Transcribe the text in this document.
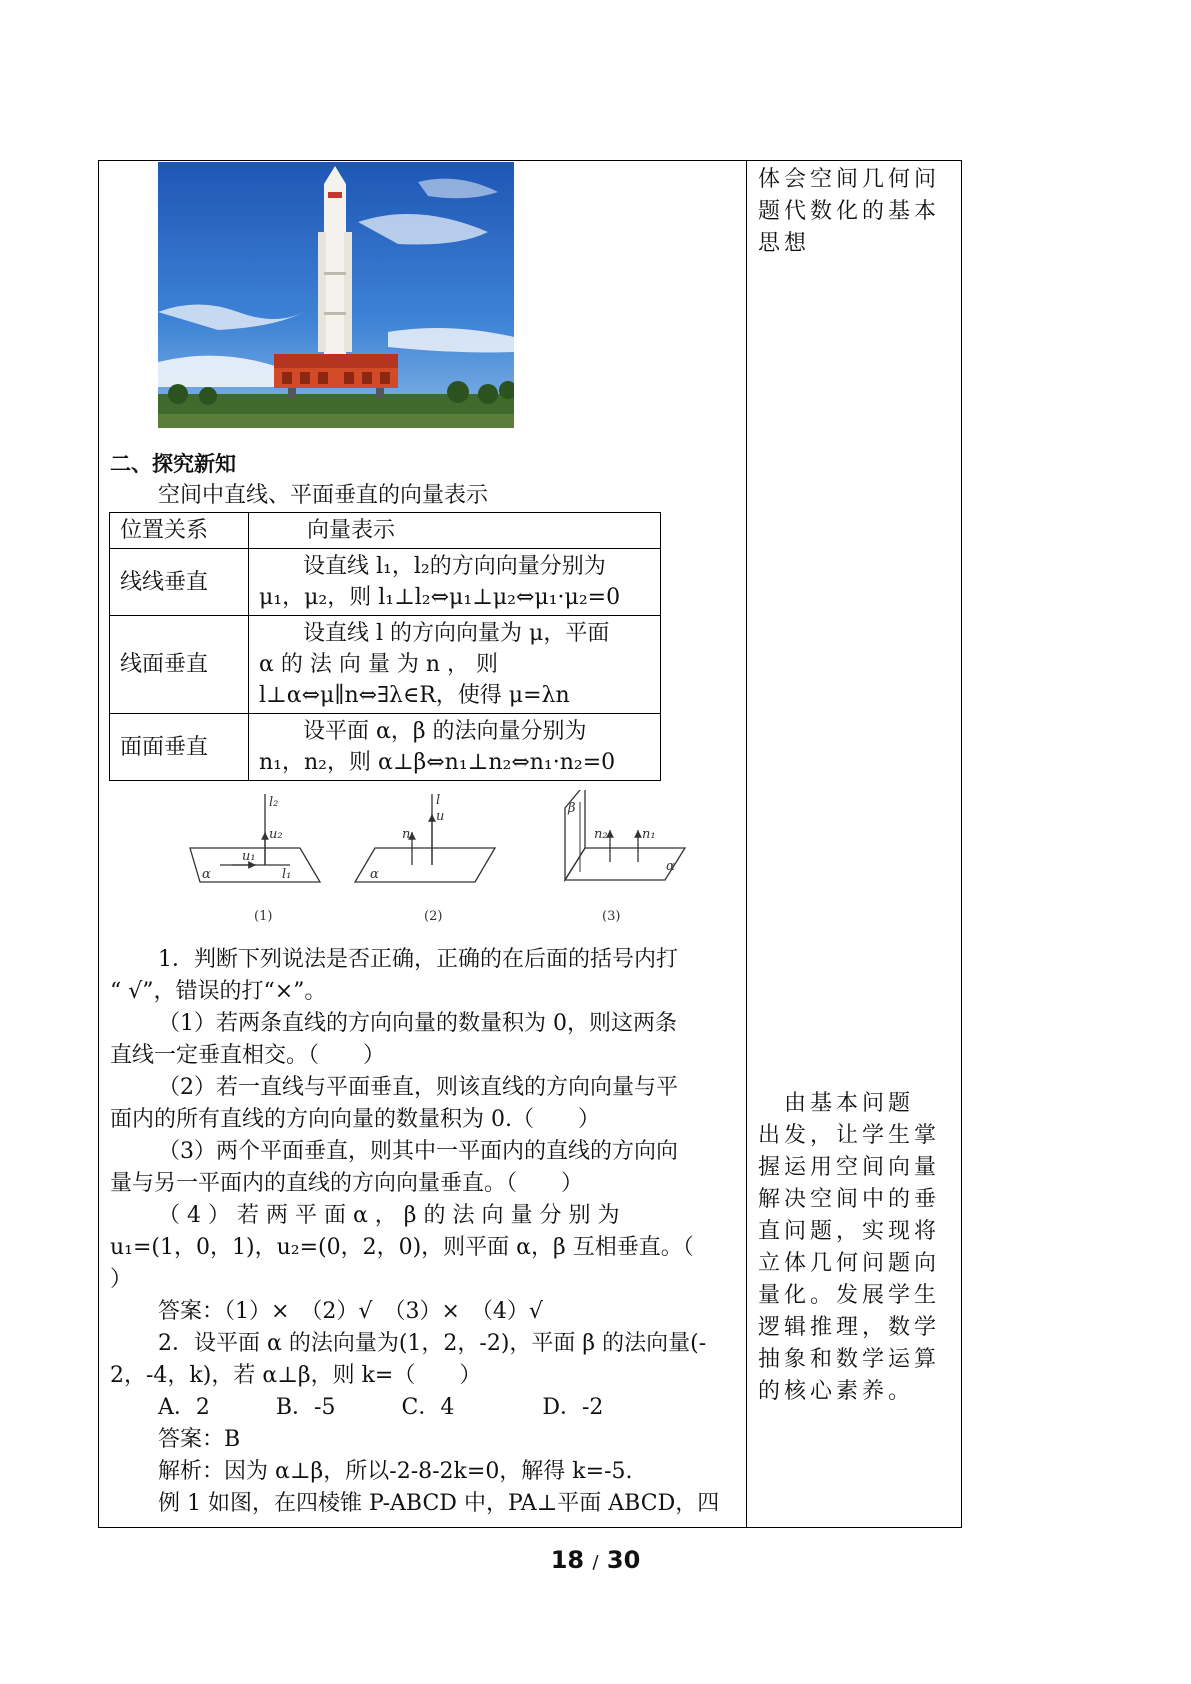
二、探究新知
空间中直线、平面垂直的向量表示
位置关系	向量表示
线线垂直	设直线 l₁，l₂的方向向量分别为
μ₁，μ₂，则 l₁⊥l₂⇔μ₁⊥μ₂⇔μ₁·μ₂=0

线面垂直	设直线 l 的方向向量为 μ，平面
α 的 法 向 量 为 n ， 则
l⊥α⇔μ∥n⇔∃λ∈R，使得 μ=λn

面面垂直	设平面 α，β 的法向量分别为
n₁，n₂，则 α⊥β⇔n₁⊥n₂⇔n₁·n₂=0
l₂
u₂
u₁
l₁
α
l
u
n
α
β
n₂	n₁
α
(1)	(2)	(3)
1．判断下列说法是否正确，正确的在后面的括号内打
“ √”，错误的打“×”。
（1）若两条直线的方向向量的数量积为 0，则这两条
直线一定垂直相交。（　　）
（2）若一直线与平面垂直，则该直线的方向向量与平
面内的所有直线的方向向量的数量积为 0.（　　）
（3）两个平面垂直，则其中一平面内的直线的方向向
量与另一平面内的直线的方向向量垂直。（　　）
（ 4 ） 若 两 平 面 α ， β 的 法 向 量 分 别 为
u₁=(1，0，1)，u₂=(0，2，0)，则平面 α，β 互相垂直。（
）
答案：（1）×　（2）√　（3）×　（4）√
2．设平面 α 的法向量为(1，2，-2)，平面 β 的法向量(-
2，-4，k)，若 α⊥β，则 k=（　　）
A．2　　　B．-5　　　C．4　　　　D．-2
答案：B
解析：因为 α⊥β，所以-2-8-2k=0，解得 k=-5.
例 1 如图，在四棱锥 P-ABCD 中，PA⊥平面 ABCD，四
体会空间几何问
题代数化的基本
思想
　由基本问题
出发，让学生掌
握运用空间向量
解决空间中的垂
直问题，实现将
立体几何问题向
量化。发展学生
逻辑推理，数学
抽象和数学运算
的核心素养。
18 / 30
